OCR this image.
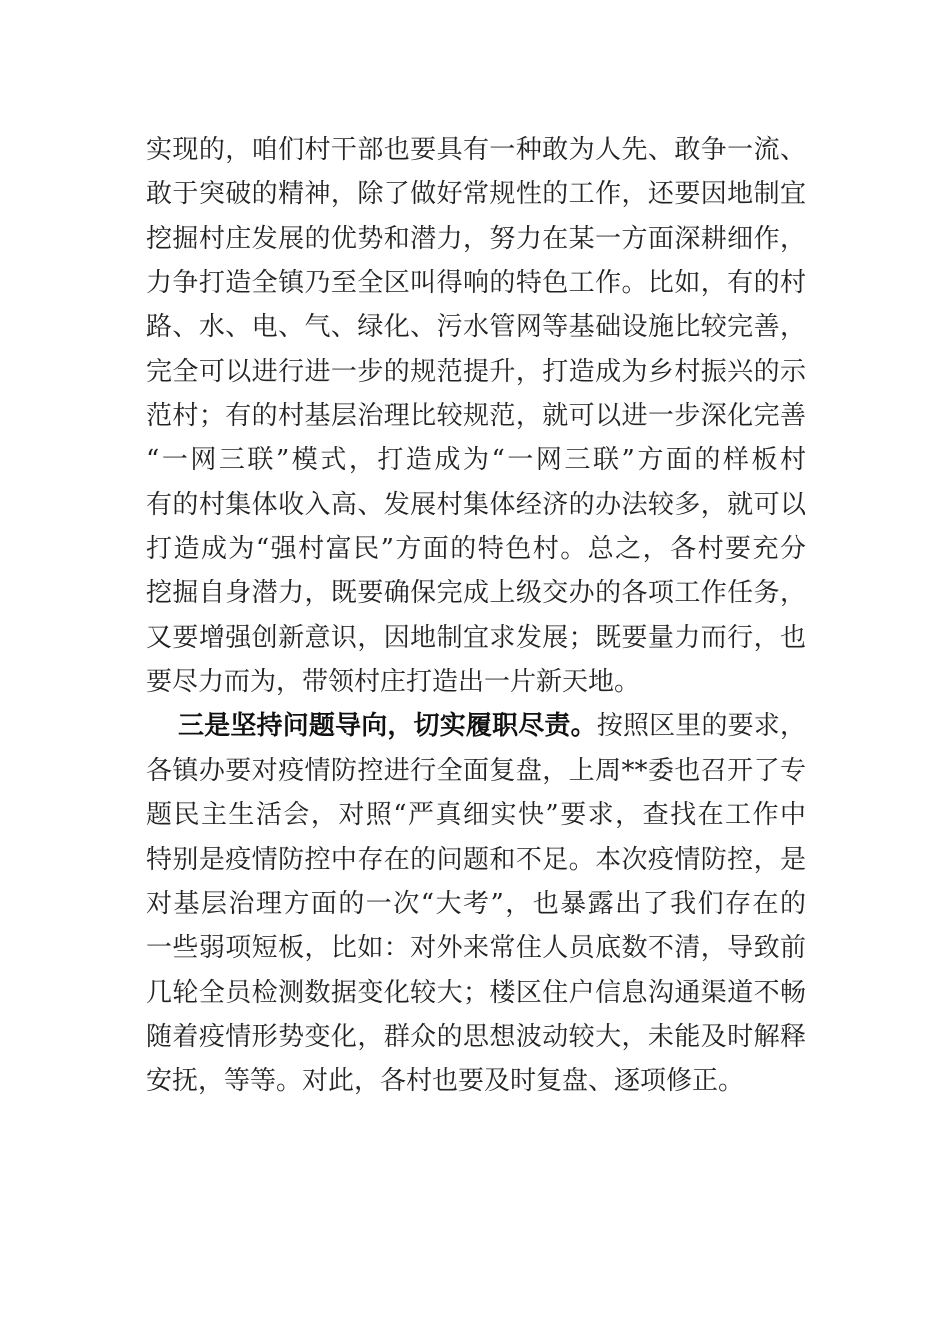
实现的，咱们村干部也要具有一种敢为人先、敢争一流、
敢于突破的精神，除了做好常规性的工作，还要因地制宜
挖掘村庄发展的优势和潜力，努力在某一方面深耕细作，
力争打造全镇乃至全区叫得响的特色工作。比如，有的村
路、水、电、气、绿化、污水管网等基础设施比较完善，
完全可以进行进一步的规范提升，打造成为乡村振兴的示
范村；有的村基层治理比较规范，就可以进一步深化完善
“一网三联”模式，打造成为“一网三联”方面的样板村
有的村集体收入高、发展村集体经济的办法较多，就可以
打造成为“强村富民”方面的特色村。总之，各村要充分
挖掘自身潜力，既要确保完成上级交办的各项工作任务，
又要增强创新意识，因地制宜求发展；既要量力而行，也
要尽力而为，带领村庄打造出一片新天地。
三是坚持问题导向，切实履职尽责。按照区里的要求，
各镇办要对疫情防控进行全面复盘，上周**委也召开了专
题民主生活会，对照“严真细实快”要求，查找在工作中
特别是疫情防控中存在的问题和不足。本次疫情防控，是
对基层治理方面的一次“大考”，也暴露出了我们存在的
一些弱项短板，比如：对外来常住人员底数不清，导致前
几轮全员检测数据变化较大；楼区住户信息沟通渠道不畅
随着疫情形势变化，群众的思想波动较大，未能及时解释
安抚，等等。对此，各村也要及时复盘、逐项修正。
